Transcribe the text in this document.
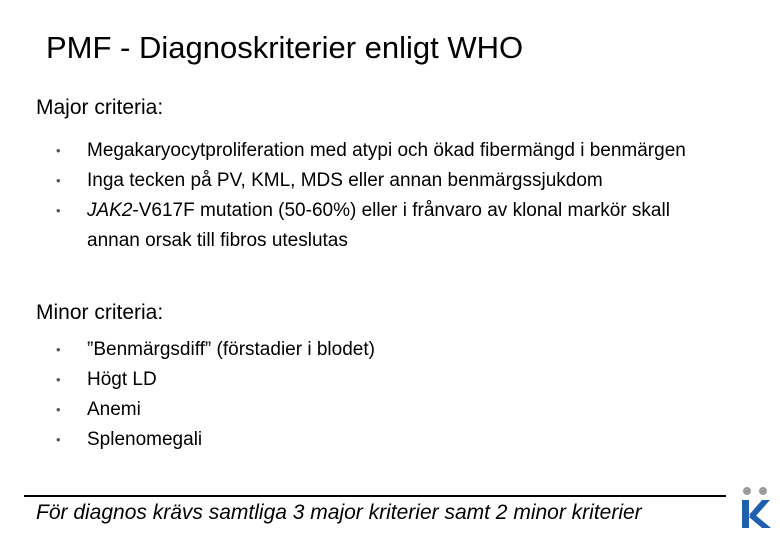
PMF - Diagnoskriterier enligt WHO
Major criteria:
• Megakaryocytproliferation med atypi och ökad fibermängd i benmärgen
• Inga tecken på PV, KML, MDS eller annan benmärgssjukdom
• JAK2-V617F mutation (50-60%) eller i frånvaro av klonal markör skall annan orsak till fibros uteslutas
Minor criteria:
• ”Benmärgsdiff” (förstadier i blodet)
• Högt LD
• Anemi
• Splenomegali
För diagnos krävs samtliga 3 major kriterier samt 2 minor kriterier
